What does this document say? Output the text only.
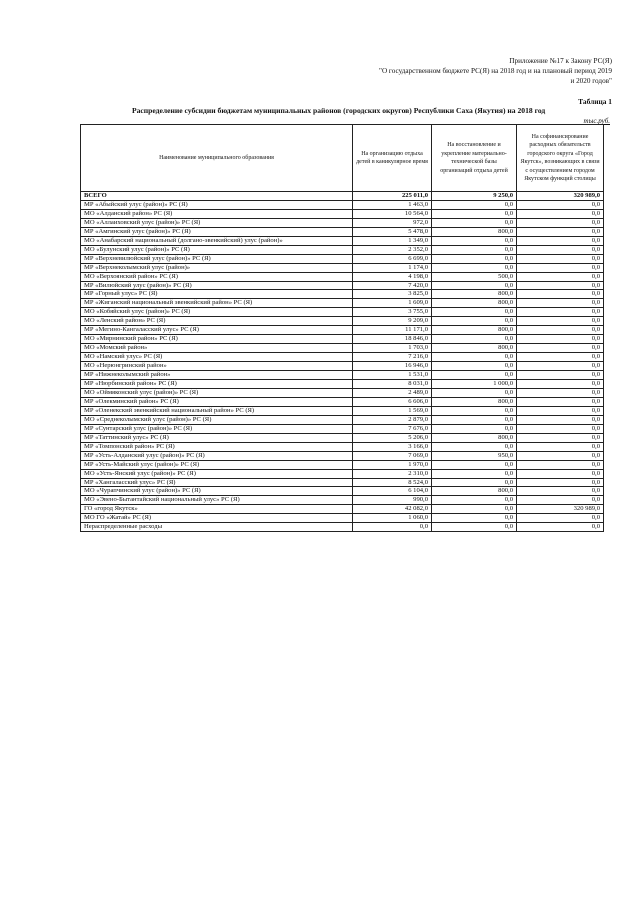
Приложение №17 к Закону РС(Я)
"О государственном бюджете РС(Я) на 2018 год и на плановый период 2019
и 2020 годов"
Таблица 1
Распределение субсидии бюджетам муниципальных районов (городских округов) Республики Саха (Якутия) на 2018 год
тыс.руб.
Наименование муниципального образования	На организацию отдыха детей в каникулярное время	На восстановление и укрепление материально-технической базы организаций отдыха детей	На софинансирование расходных обязательств городского округа «Город Якутск», возникающих в связи с осуществлением городом Якутском функций столицы
ВСЕГО	225 011,0	9 250,0	320 989,0
МР «Абыйский улус (район)» РС (Я)	1 463,0	0,0	0,0
МО «Алданский район» РС (Я)	10 564,0	0,0	0,0
МО «Аллаиховский улус (район)» РС (Я)	972,0	0,0	0,0
МР «Амгинский улус (район)» РС (Я)	5 478,0	800,0	0,0
МО «Анабарский национальный (долгано-эвенкийский) улус (район)»	1 349,0	0,0	0,0
МО «Булунский улус (район)» РС (Я)	2 352,0	0,0	0,0
МР «Верхневилюйский улус (район)» РС (Я)	6 699,0	0,0	0,0
МР «Верхнеколымский улус (район)»	1 174,0	0,0	0,0
МО «Верхоянский район» РС (Я)	4 198,0	500,0	0,0
МР «Вилюйский улус (район)» РС (Я)	7 420,0	0,0	0,0
МР «Горный улус» РС (Я)	3 825,0	800,0	0,0
МР «Жиганский национальный эвенкийский район» РС (Я)	1 609,0	800,0	0,0
МО «Кобяйский улус (район)» РС (Я)	3 755,0	0,0	0,0
МО «Ленский район» РС (Я)	9 209,0	0,0	0,0
МР «Мегино-Кангаласский улус» РС (Я)	11 171,0	800,0	0,0
МО «Мирнинский район» РС (Я)	18 846,0	0,0	0,0
МО «Момский район»	1 703,0	800,0	0,0
МО «Намский улус» РС (Я)	7 216,0	0,0	0,0
МО «Нерюнгринский район»	16 946,0	0,0	0,0
МР «Нижнеколымский район»	1 531,0	0,0	0,0
МР «Нюрбинский район» РС (Я)	8 031,0	1 000,0	0,0
МО «Оймяконский улус (район)» РС (Я)	2 489,0	0,0	0,0
МР «Олекминский район» РС (Я)	6 606,0	800,0	0,0
МР «Оленекский эвенкийский национальный район» РС (Я)	1 569,0	0,0	0,0
МО «Среднеколымский улус (район)» РС (Я)	2 879,0	0,0	0,0
МР «Сунтарский улус (район)» РС (Я)	7 676,0	0,0	0,0
МР «Таттинский улус» РС (Я)	5 206,0	800,0	0,0
МР «Томпонский район» РС (Я)	3 166,0	0,0	0,0
МР «Усть-Алданский улус (район)» РС (Я)	7 069,0	950,0	0,0
МР «Усть-Майский улус (район)» РС (Я)	1 970,0	0,0	0,0
МО «Усть-Янский улус (район)» РС (Я)	2 310,0	0,0	0,0
МР «Хангаласский улус» РС (Я)	8 524,0	0,0	0,0
МО «Чурапчинский улус (район)» РС (Я)	6 104,0	800,0	0,0
МО «Эвено-Бытантайский национальный улус» РС (Я)	990,0	0,0	0,0
ГО «город Якутск»	42 082,0	0,0	320 989,0
МО ГО «Жатай» РС (Я)	1 060,0	0,0	0,0
Нераспределенные расходы	0,0	0,0	0,0
